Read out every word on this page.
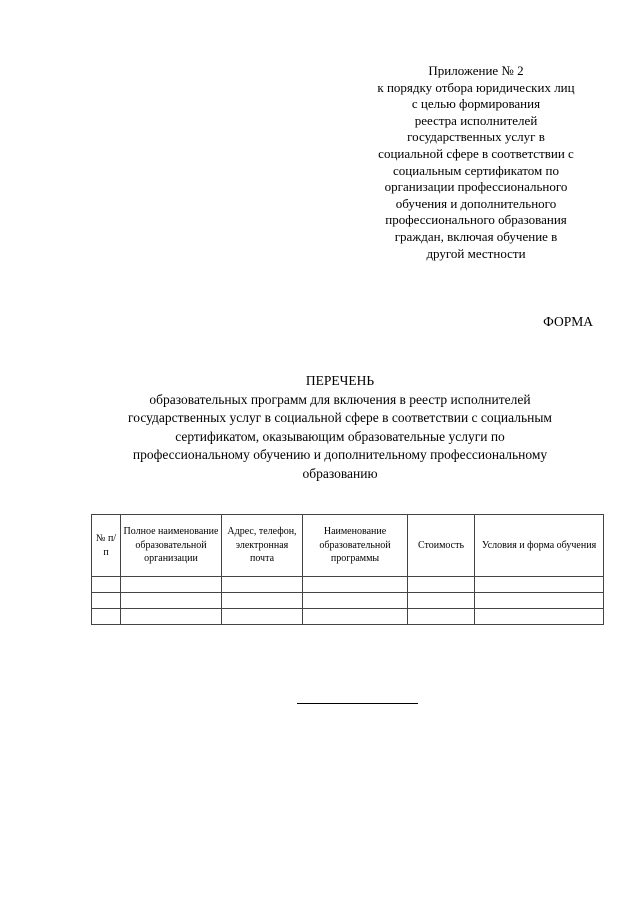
Приложение № 2
к порядку отбора юридических лиц
с целью формирования
реестра исполнителей
государственных услуг в
социальной сфере в соответствии с
социальным сертификатом по
организации профессионального
обучения и дополнительного
профессионального образования
граждан, включая обучение в
другой местности
ФОРМА
ПЕРЕЧЕНЬ
образовательных программ для включения в реестр исполнителей
государственных услуг в социальной сфере в соответствии с социальным
сертификатом, оказывающим образовательные услуги по
профессиональному обучению и дополнительному профессиональному
образованию
№ п/п	Полное наименование образовательной организации	Адрес, телефон, электронная почта	Наименование образовательной программы	Стоимость	Условия и форма обучения
